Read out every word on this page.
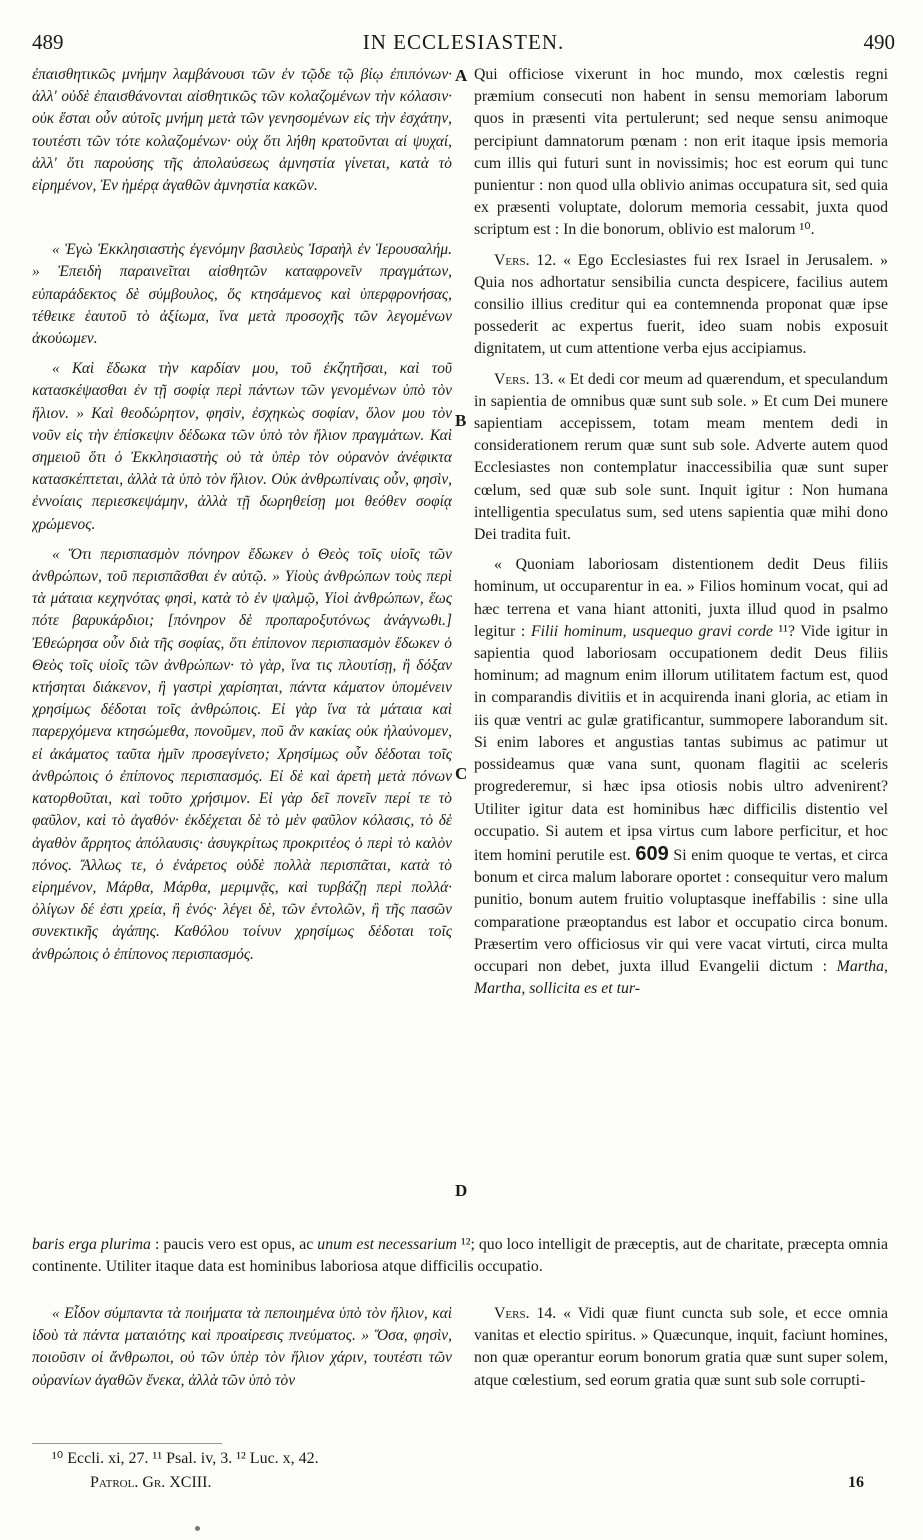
489	IN ECCLESIASTEN.	490

ἐπαισθητικῶς μνήμην λαμβάνουσι τῶν ἐν τῷδε τῷ βίῳ ἐπιπόνων· ἀλλ' οὐδὲ ἐπαισθάνονται αἰσθητικῶς τῶν κολαζομένων τὴν κόλασιν· οὐκ ἔσται οὖν αὐτοῖς μνήμη μετὰ τῶν γενησομένων εἰς τὴν ἐσχάτην, τουτέστι τῶν τότε κολαζομένων· οὐχ ὅτι λήθη κρατοῦνται αἱ ψυχαί, ἀλλ' ὅτι παρούσης τῆς ἀπολαύσεως ἀμνηστία γίνεται, κατὰ τὸ εἰρημένον, Ἐν ἡμέρᾳ ἀγαθῶν ἀμνηστία κακῶν.

« Ἐγὼ Ἐκκλησιαστὴς ἐγενόμην βασιλεὺς Ἰσραὴλ ἐν Ἱερουσαλήμ. » Ἐπειδὴ παραινεῖται αἰσθητῶν καταφρονεῖν πραγμάτων, εὐπαράδεκτος δὲ σύμβουλος, ὅς κτησάμενος καὶ ὑπερφρονήσας, τέθεικε ἑαυτοῦ τὸ ἀξίωμα, ἵνα μετὰ προσοχῆς τῶν λεγομένων ἀκούωμεν.

« Καὶ ἔδωκα τὴν καρδίαν μου, τοῦ ἐκζητῆσαι, καὶ τοῦ κατασκέψασθαι ἐν τῇ σοφίᾳ περὶ πάντων τῶν γενομένων ὑπὸ τὸν ἥλιον. » Καὶ θεοδώρητον, φησὶν, ἐσχηκὼς σοφίαν, ὅλον μου τὸν νοῦν εἰς τὴν ἐπίσκεψιν δέδωκα τῶν ὑπὸ τὸν ἥλιον πραγμάτων. Καὶ σημειοῦ ὅτι ὁ Ἐκκλησιαστὴς οὐ τὰ ὑπὲρ τὸν οὐρανὸν ἀνέφικτα κατασκέπτεται, ἀλλὰ τὰ ὑπὸ τὸν ἥλιον. Οὐκ ἀνθρωπίναις οὖν, φησὶν, ἐννοίαις περιεσκεψάμην, ἀλλὰ τῇ δωρηθείσῃ μοι θεόθεν σοφίᾳ χρώμενος.

« Ὅτι περισπασμὸν πόνηρον ἔδωκεν ὁ Θεὸς τοῖς υἱοῖς τῶν ἀνθρώπων, τοῦ περισπᾶσθαι ἐν αὐτῷ. » Υἱοὺς ἀνθρώπων τοὺς περὶ τὰ μάταια κεχηνότας φησὶ, κατὰ τὸ ἐν ψαλμῷ, Υἱοὶ ἀνθρώπων, ἕως πότε βαρυκάρδιοι; [πόνηρον δὲ προπαροξυτόνως ἀνάγνωθι.] Ἐθεώρησα οὖν διὰ τῆς σοφίας, ὅτι ἐπίπονον περισπασμὸν ἔδωκεν ὁ Θεὸς τοῖς υἱοῖς τῶν ἀνθρώπων· τὸ γὰρ, ἵνα τις πλουτίσῃ, ἢ δόξαν κτήσηται διάκενον, ἢ γαστρὶ χαρίσηται, πάντα κάματον ὑπομένειν χρησίμως δέδοται τοῖς ἀνθρώποις. Εἰ γὰρ ἵνα τὰ μάταια καὶ παρερχόμενα κτησώμεθα, πονοῦμεν, ποῦ ἂν κακίας οὐκ ἠλαύνομεν, εἰ ἀκάματος ταῦτα ἡμῖν προσεγίνετο; Χρησίμως οὖν δέδοται τοῖς ἀνθρώποις ὁ ἐπίπονος περισπασμός. Εἰ δὲ καὶ ἀρετὴ μετὰ πόνων κατορθοῦται, καὶ τοῦτο χρήσιμον. Εἰ γὰρ δεῖ πονεῖν περί τε τὸ φαῦλον, καὶ τὸ ἀγαθόν· ἐκδέχεται δὲ τὸ μὲν φαῦλον κόλασις, τὸ δὲ ἀγαθὸν ἄρρητος ἀπόλαυσις· ἀσυγκρίτως προκριτέος ὁ περὶ τὸ καλὸν πόνος. Ἄλλως τε, ὁ ἐνάρετος οὐδὲ πολλὰ περισπᾶται, κατὰ τὸ εἰρημένον, Μάρθα, Μάρθα, μεριμνᾷς, καὶ τυρβάζῃ περὶ πολλά· ὀλίγων δέ ἐστι χρεία, ἢ ἑνός· λέγει δὲ, τῶν ἐντολῶν, ἢ τῆς πασῶν συνεκτικῆς ἀγάπης. Καθόλου τοίνυν χρησίμως δέδοται τοῖς ἀνθρώποις ὁ ἐπίπονος περισπασμός.

A
B
C
D

Qui officiose vixerunt in hoc mundo, mox cœlestis regni præmium consecuti non habent in sensu memoriam laborum quos in præsenti vita pertulerunt; sed neque sensu animoque percipiunt damnatorum pœnam : non erit itaque ipsis memoria cum illis qui futuri sunt in novissimis; hoc est eorum qui tunc punientur : non quod ulla oblivio animas occupatura sit, sed quia ex præsenti voluptate, dolorum memoria cessabit, juxta quod scriptum est : In die bonorum, oblivio est malorum ¹⁰.

Vers. 12. « Ego Ecclesiastes fui rex Israel in Jerusalem. » Quia nos adhortatur sensibilia cuncta despicere, facilius autem consilio illius creditur qui ea contemnenda proponat quæ ipse possederit ac expertus fuerit, ideo suam nobis exposuit dignitatem, ut cum attentione verba ejus accipiamus.

Vers. 13. « Et dedi cor meum ad quærendum, et speculandum in sapientia de omnibus quæ sunt sub sole. » Et cum Dei munere sapientiam accepissem, totam meam mentem dedi in considerationem rerum quæ sunt sub sole. Adverte autem quod Ecclesiastes non contemplatur inaccessibilia quæ sunt super cœlum, sed quæ sub sole sunt. Inquit igitur : Non humana intelligentia speculatus sum, sed utens sapientia quæ mihi dono Dei tradita fuit.

« Quoniam laboriosam distentionem dedit Deus filiis hominum, ut occuparentur in ea. » Filios hominum vocat, qui ad hæc terrena et vana hiant attoniti, juxta illud quod in psalmo legitur : Filii hominum, usquequo gravi corde ¹¹? Vide igitur in sapientia quod laboriosam occupationem dedit Deus filiis hominum; ad magnum enim illorum utilitatem factum est, quod in comparandis divitiis et in acquirenda inani gloria, ac etiam in iis quæ ventri ac gulæ gratificantur, summopere laborandum sit. Si enim labores et angustias tantas subimus ac patimur ut possideamus quæ vana sunt, quonam flagitii ac sceleris progrederemur, si hæc ipsa otiosis nobis ultro advenirent? Utiliter igitur data est hominibus hæc difficilis distentio vel occupatio. Si autem et ipsa virtus cum labore perficitur, et hoc item homini perutile est. 609 Si enim quoque te vertas, et circa bonum et circa malum laborare oportet : consequitur vero malum punitio, bonum autem fruitio voluptasque ineffabilis : sine ulla comparatione præoptandus est labor et occupatio circa bonum. Præsertim vero officiosus vir qui vere vacat virtuti, circa multa occupari non debet, juxta illud Evangelii dictum : Martha, Martha, sollicita es et tur-

baris erga plurima : paucis vero est opus, ac unum est necessarium ¹²; quo loco intelligit de præceptis, aut de charitate, præcepta omnia continente. Utiliter itaque data est hominibus laboriosa atque difficilis occupatio.

« Εἶδον σύμπαντα τὰ ποιήματα τὰ πεποιημένα ὑπὸ τὸν ἥλιον, καὶ ἰδοὺ τὰ πάντα ματαιότης καὶ προαίρεσις πνεύματος. » Ὅσα, φησὶν, ποιοῦσιν οἱ ἄνθρωποι, οὐ τῶν ὑπὲρ τὸν ἥλιον χάριν, τουτέστι τῶν οὐρανίων ἀγαθῶν ἕνεκα, ἀλλὰ τῶν ὑπὸ τὸν

Vers. 14. « Vidi quæ fiunt cuncta sub sole, et ecce omnia vanitas et electio spiritus. » Quæcunque, inquit, faciunt homines, non quæ operantur eorum bonorum gratia quæ sunt super solem, atque cœlestium, sed eorum gratia quæ sunt sub sole corrupti-

¹⁰ Eccli. xi, 27. ¹¹ Psal. iv, 3. ¹² Luc. x, 42.
Patrol. Gr. XCIII.	16
